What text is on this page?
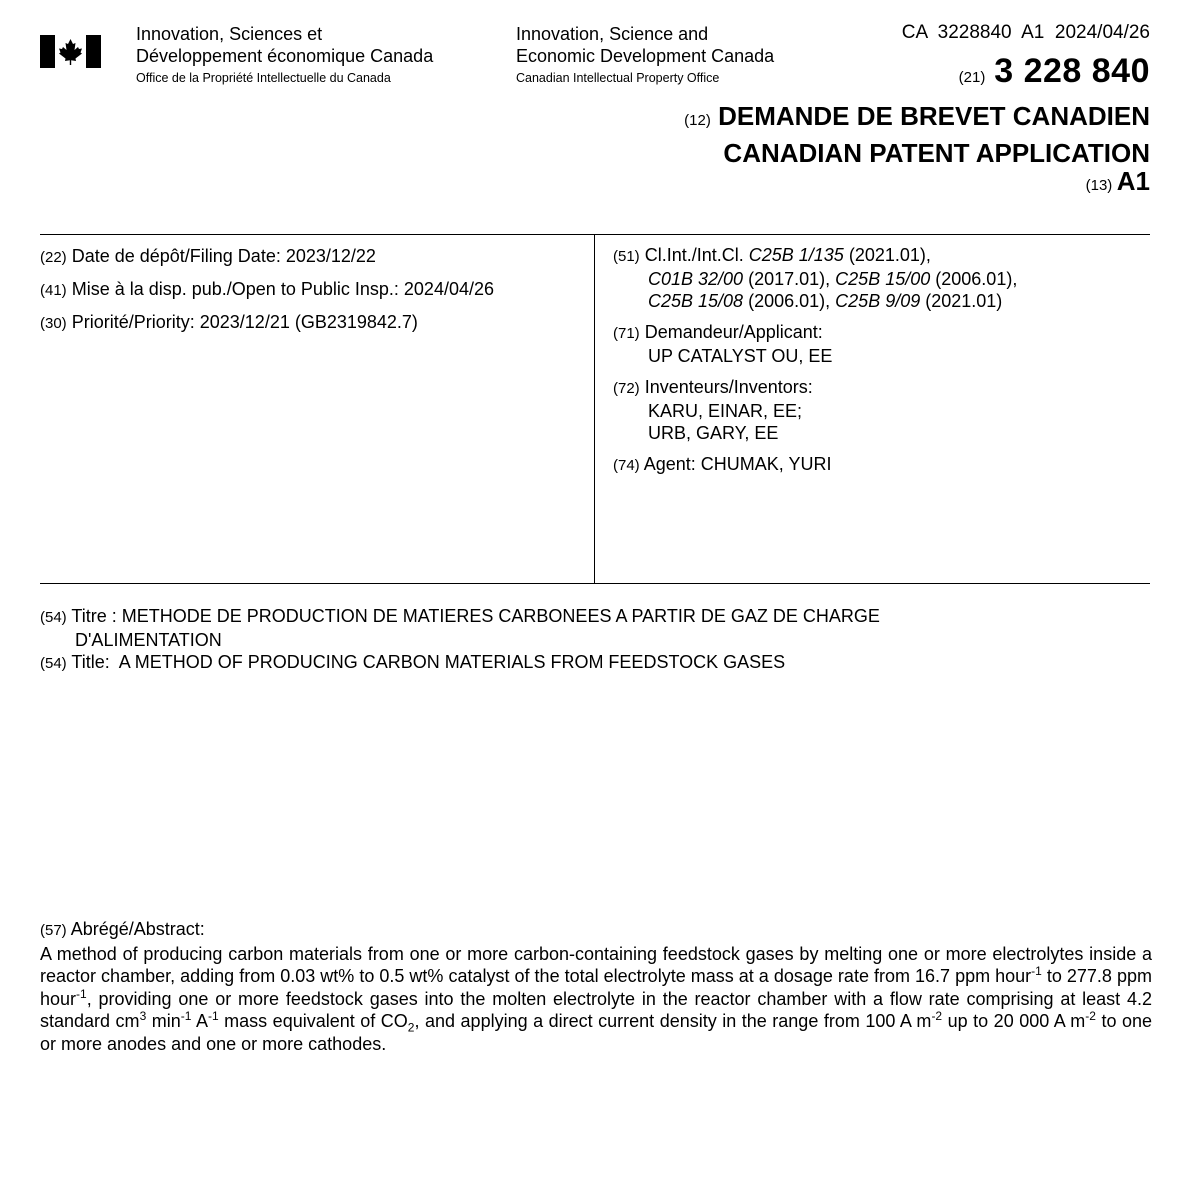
Innovation, Sciences et
Développement économique Canada
Office de la Propriété Intellectuelle du Canada
Innovation, Science and
Economic Development Canada
Canadian Intellectual Property Office
CA  3228840  A1  2024/04/26
(21) 3 228 840
(12) DEMANDE DE BREVET CANADIEN
CANADIAN PATENT APPLICATION
(13) A1
(22) Date de dépôt/Filing Date: 2023/12/22
(41) Mise à la disp. pub./Open to Public Insp.: 2024/04/26
(30) Priorité/Priority: 2023/12/21 (GB2319842.7)
(51) Cl.Int./Int.Cl. C25B 1/135 (2021.01),
C01B 32/00 (2017.01), C25B 15/00 (2006.01),
C25B 15/08 (2006.01), C25B 9/09 (2021.01)
(71) Demandeur/Applicant:
UP CATALYST OU, EE
(72) Inventeurs/Inventors:
KARU, EINAR, EE;
URB, GARY, EE
(74) Agent: CHUMAK, YURI
(54) Titre : METHODE DE PRODUCTION DE MATIERES CARBONEES A PARTIR DE GAZ DE CHARGE
D'ALIMENTATION
(54) Title: A METHOD OF PRODUCING CARBON MATERIALS FROM FEEDSTOCK GASES
(57) Abrégé/Abstract:
A method of producing carbon materials from one or more carbon-containing feedstock gases by melting one or more electrolytes inside a reactor chamber, adding from 0.03 wt% to 0.5 wt% catalyst of the total electrolyte mass at a dosage rate from 16.7 ppm hour$^{-1}$ to 277.8 ppm hour$^{-1}$, providing one or more feedstock gases into the molten electrolyte in the reactor chamber with a flow rate comprising at least 4.2 standard $cm^3$ $\min^{-1} A^{-1}$ mass equivalent of $CO_2$, and applying a direct current density in the range from 100 A $m^{-2}$ up to 20 000 A $m^{-2}$ to one or more anodes and one or more cathodes.
